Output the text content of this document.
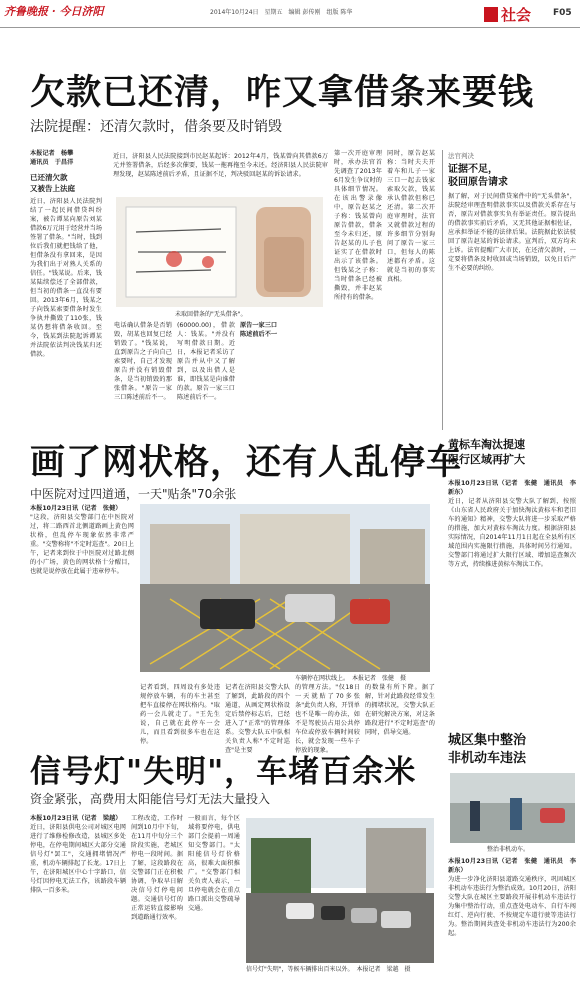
齐鲁晚报 · 今日济阳	2014年10月24日　星期五　编辑 彭传刚　组版 陈华	社会 F05
欠款已还清，咋又拿借条来要钱
法院提醒：还清欠款时，借条要及时销毁
本报记者　杨攀
通讯员　于昌洋
已还清欠款
又被告上法庭
近日，济阳县人民法院判结了一起民间借贷纠纷案，被告谭某向原告刘某借款6万元用于经营并当场签署了借条。"当时，钱到位后我们就把钱给了他，但借条没有拿回来，是因为我们出于对熟人关系的信任。"钱某说。后来，钱某陆续偿还了全部借款，但当初的借条一直没有要回。2013年6月，钱某之子向钱某索要借条时发生争执并撕毁了110张，钱某仍想将借条收回。至今，钱某到法院起诉谭某并法院依法判决钱某归还借款。
近日，济阳县人民法院接到市民赵某起诉：2012年4月，钱某曾向其借款6万元并签署借条，后经多次催要，钱某一拖再拖至今未还。经济阳县人民法院审理发现，赵某陈述前后矛盾，且证据不足，判决驳回赵某的诉讼请求。
未取回借条的"无头借条"。
电话确认借条是否销毁，胡某也回复已经销毁了。"钱某说，直到原告之子向自己索要时，自己才发现原告并没有销毁借条，是当初销毁的那张借条。"原告一家三口陈述前后不一。
(60000.00)，借款人：钱某。"并没有写明借款日期。近日，本报记者采访了原告并从中又了解到，以及出借人是谁，即钱某是向谁借的款。原告一家三口陈述前后不一。
原告一家三口
陈述前后不一
第一次开庭审理时，承办法官首先调查了2013年6月发生争议时的具体细节情况。在该出警录像中，原告赵某之子称：钱某曾向原告借款，借条至今未归还，原告赵某的儿子也证实了在借款时出示了该借条。但钱某之子称：当时借条已经被撕毁，并非赵某所持有的借条。
同时，原告赵某称：当时夫夫开着车和儿子一家三口一起去钱家索取欠款，钱某承认借款但称已还清。第二次开庭审理时，法官又就借款过程的许多细节分别询问了原告一家三口，但每人的陈述都有矛盾。这就是当初的事实真相。
法官判决
证据不足，
驳回原告请求
据了解，对于民间借贷案件中的"无头借条"，法院经审理查明借款事实以及借款关系存在与否，原告对借款事实负有举证责任。原告提出的借款事实前后矛盾，又无其他证据相佐证，应承担举证不能的法律后果。法院据此依法驳回了原告赵某的诉讼请求。宣判后，双方均未上诉。法官提醒广大市民，在还清欠款时，一定要将借条及时收回或当场销毁，以免日后产生不必要的纠纷。
画了网状格，还有人乱停车
中医院对过四道通，一天"贴条"70余张
本报10月23日讯（记者　张健）
"这段，济阳县交警部门在中医院对过，将二路西首北侧道路画上黄色网状格，但乱停车现象依然非常严重。"交警称将"不定时巡查"。20日上午，记者来到位于中医院对过路北侧的小广场，黄色的网状格十分醒目，也就是说停放在此属于违章停车。
车辆停在网状线上。　本报记者　张健　摄
记者看到，四周设有多处违规停放车辆，有的车主甚至把车直接停在网状格内。"取药一会儿就走了。"王先生说，自己就在此停车一会儿，而且看到很多车也在这停。
记者在济阳县交警大队了解到，此路段的四个通道，从画定网状格设定后禁停标志后，已经进入了"正常"的管理体系。交警大队五中队相关负责人称"不定时巡查"是主要
的管理方法。"仅18日一天就贴了70多张条"此负责人称，开罚单也不是唯一的办法，如不是驾驶员占用公共停车位或停放车辆时间较长，就会发现一些车子停放的现象。
的数量有所下降。据了解，针对此路段经常发生的拥堵状况，交警大队正在研究解决方案，对这条路段进行"不定时巡查"的同时，倡导交通。
黄标车淘汰提速
限行区域再扩大
本报10月23日讯（记者　张健　通讯员　李新东）
近日，记者从济阳县交警大队了解到，按照《山东省人民政府关于加快淘汰黄标车和老旧车的通知》精神，交警大队将进一步采取严格的措施，加大对黄标车淘汰力度。根据济阳县实际情况，自2014年11月1日起在全县所有区域范围内实施限行措施，具体时间另行通知。交警部门将通过扩大限行区域、增加巡查频次等方式，持续推进黄标车淘汰工作。
信号灯"失明"，车堵百余米
资金紧张，高费用太阳能信号灯无法大量投入
本报10月23日讯（记者　梁越）
近日，济阳县供电公司对城区电网进行了维修检修改造，县城区多处停电，在停电期间城区大部分交通信号灯"罢工"，交通拥堵情况严重，机动车辆排起了长龙。17日上午，在济阳城区中心十字路口，信号灯因停电无法工作，该路段车辆排队一百多米。
工程改造，工作时间到10月中下旬，在11月中旬分三个阶段实施，老城区停电一段时间。据了解，这段路段在交警部门正在积极协调，争取早日解决信号灯停电问题。交通信号灯的正常运转直接影响到道路通行效率。
一般而言，每个区域将要停电，供电部门会提前一周通知交警部门。"太阳能信号灯价格高，很难大面积推广。"交警部门相关负责人表示，一旦停电就会在重点路口派出交警疏导交通。
信号灯"失明"，等候车辆排出百米以外。　本报记者　梁越　摄
城区集中整治
非机动车违法
整治非机动车。
本报10月23日讯（记者　张健　通讯员　李新东）
为进一步净化济阳县道路交通秩序，巩固城区非机动车违法行为整治成效。10月20日，济阳交警大队在城区主要路段开展非机动车违法行为集中整治行动，重点查处电动车、自行车闯红灯、逆向行驶、不按规定车道行驶等违法行为。整治期间共查处非机动车违法行为200余起。
